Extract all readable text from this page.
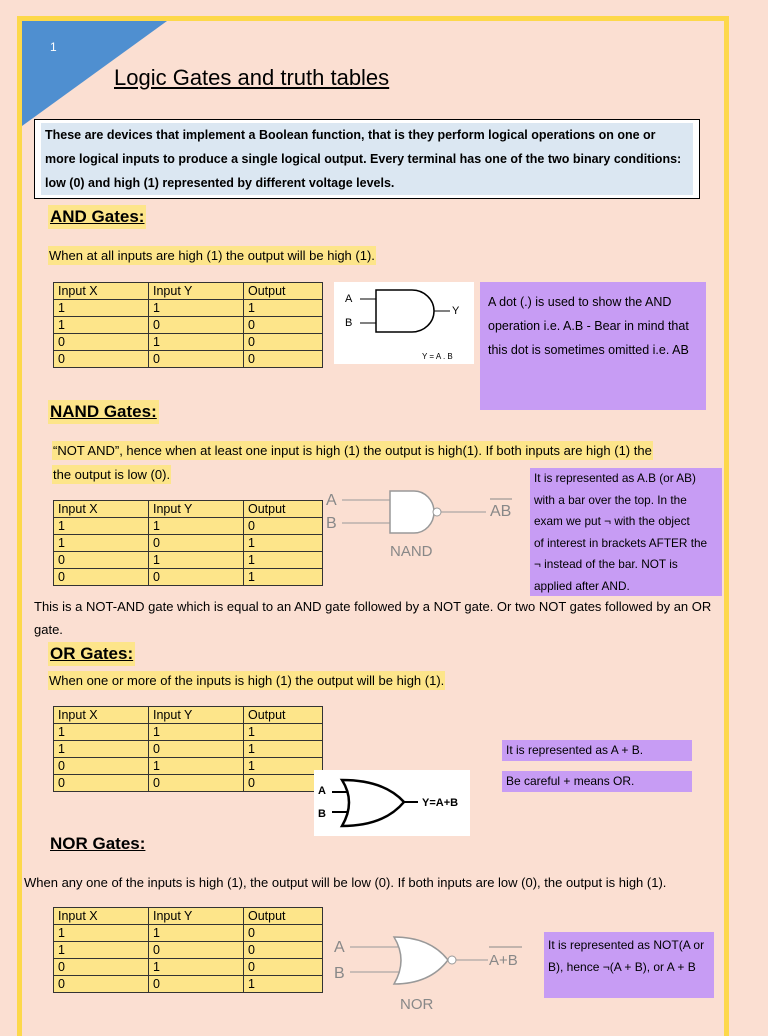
1
Logic Gates and truth tables
These are devices that implement a Boolean function, that is they perform logical operations on one or more logical inputs to produce a single logical output. Every terminal has one of the two binary conditions: low (0) and high (1) represented by different voltage levels.
AND Gates:
When at all inputs are high (1) the output will be high (1).
Input X	Input Y	Output
1	1	1
1	0	0
0	1	0
0	0	0
A
B
Y
Y = A . B
A dot (.) is used to show the AND operation i.e. A.B - Bear in mind that this dot is sometimes omitted i.e. AB
NAND Gates:
“NOT AND”, hence when at least one input is high (1) the output is high(1). If both inputs are high (1) the
the output is low (0).
Input X	Input Y	Output
1	1	0
1	0	1
0	1	1
0	0	1
A
B
AB
NAND
It is represented as A.B (or AB)
with a bar over the top. In the
exam we put ¬ with the object
of interest in brackets AFTER the
¬ instead of the bar. NOT is
applied after AND.
This is a NOT-AND gate which is equal to an AND gate followed by a NOT gate. Or two NOT gates followed by an OR gate.
OR Gates:
When one or more of the inputs is high (1) the output will be high (1).
Input X	Input Y	Output
1	1	1
1	0	1
0	1	1
0	0	0
A
B
Y=A+B
It is represented as A + B.
Be careful + means OR.
NOR Gates:
When any one of the inputs is high (1), the output will be low (0). If both inputs are low (0), the output is high (1).
Input X	Input Y	Output
1	1	0
1	0	0
0	1	0
0	0	1
A
B
A+B
NOR
It is represented as NOT(A or B), hence ¬(A + B), or A + B
